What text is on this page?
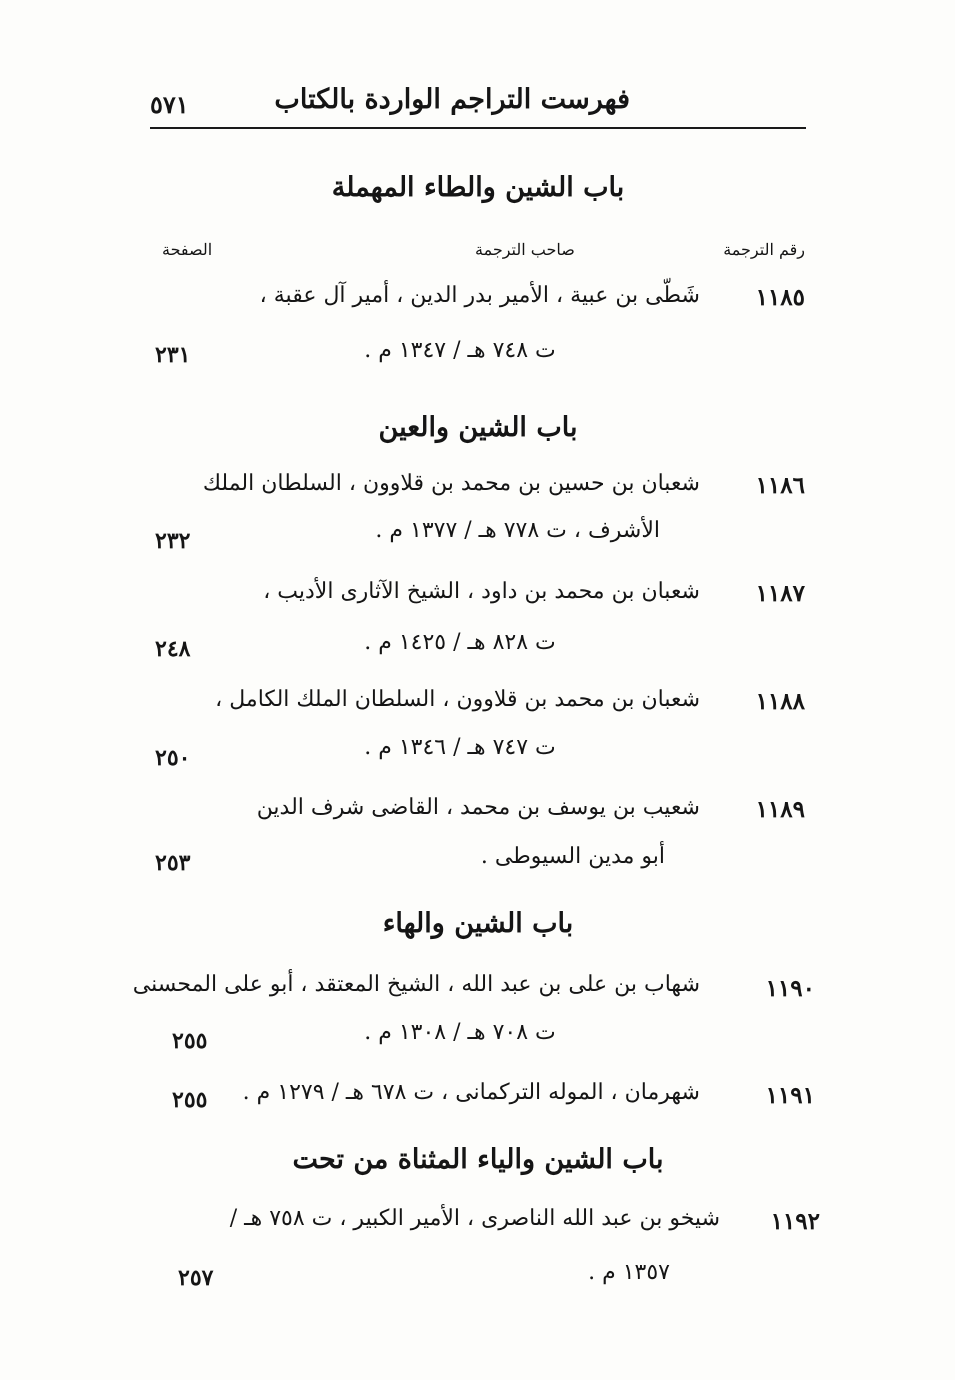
فهرست التراجم الواردة بالكتاب
٥٧١
باب الشين والطاء المهملة
رقم الترجمة
صاحب الترجمة
الصفحة
١١٨٥
شَطّى بن عبية ، الأمير بدر الدين ، أمير آل عقبة ،
ت ٧٤٨ هـ / ١٣٤٧ م .
٢٣١
باب الشين والعين
١١٨٦
شعبان بن حسين بن محمد بن قلاوون ، السلطان الملك
الأشرف ، ت ٧٧٨ هـ / ١٣٧٧ م .
٢٣٢
١١٨٧
شعبان بن محمد بن داود ، الشيخ الآثارى الأديب ،
ت ٨٢٨ هـ / ١٤٢٥ م .
٢٤٨
١١٨٨
شعبان بن محمد بن قلاوون ، السلطان الملك الكامل ،
ت ٧٤٧ هـ / ١٣٤٦ م .
٢٥٠
١١٨٩
شعيب بن يوسف بن محمد ، القاضى شرف الدين
أبو مدين السيوطى .
٢٥٣
باب الشين والهاء
١١٩٠
شهاب بن على بن عبد الله ، الشيخ المعتقد ، أبو على المحسنى
ت ٧٠٨ هـ / ١٣٠٨ م .
٢٥٥
١١٩١
شهرمان ، الموله التركمانى ، ت ٦٧٨ هـ / ١٢٧٩ م .
٢٥٥
باب الشين والياء المثناة من تحت
١١٩٢
شيخو بن عبد الله الناصرى ، الأمير الكبير ، ت ٧٥٨ هـ /
١٣٥٧ م .
٢٥٧
